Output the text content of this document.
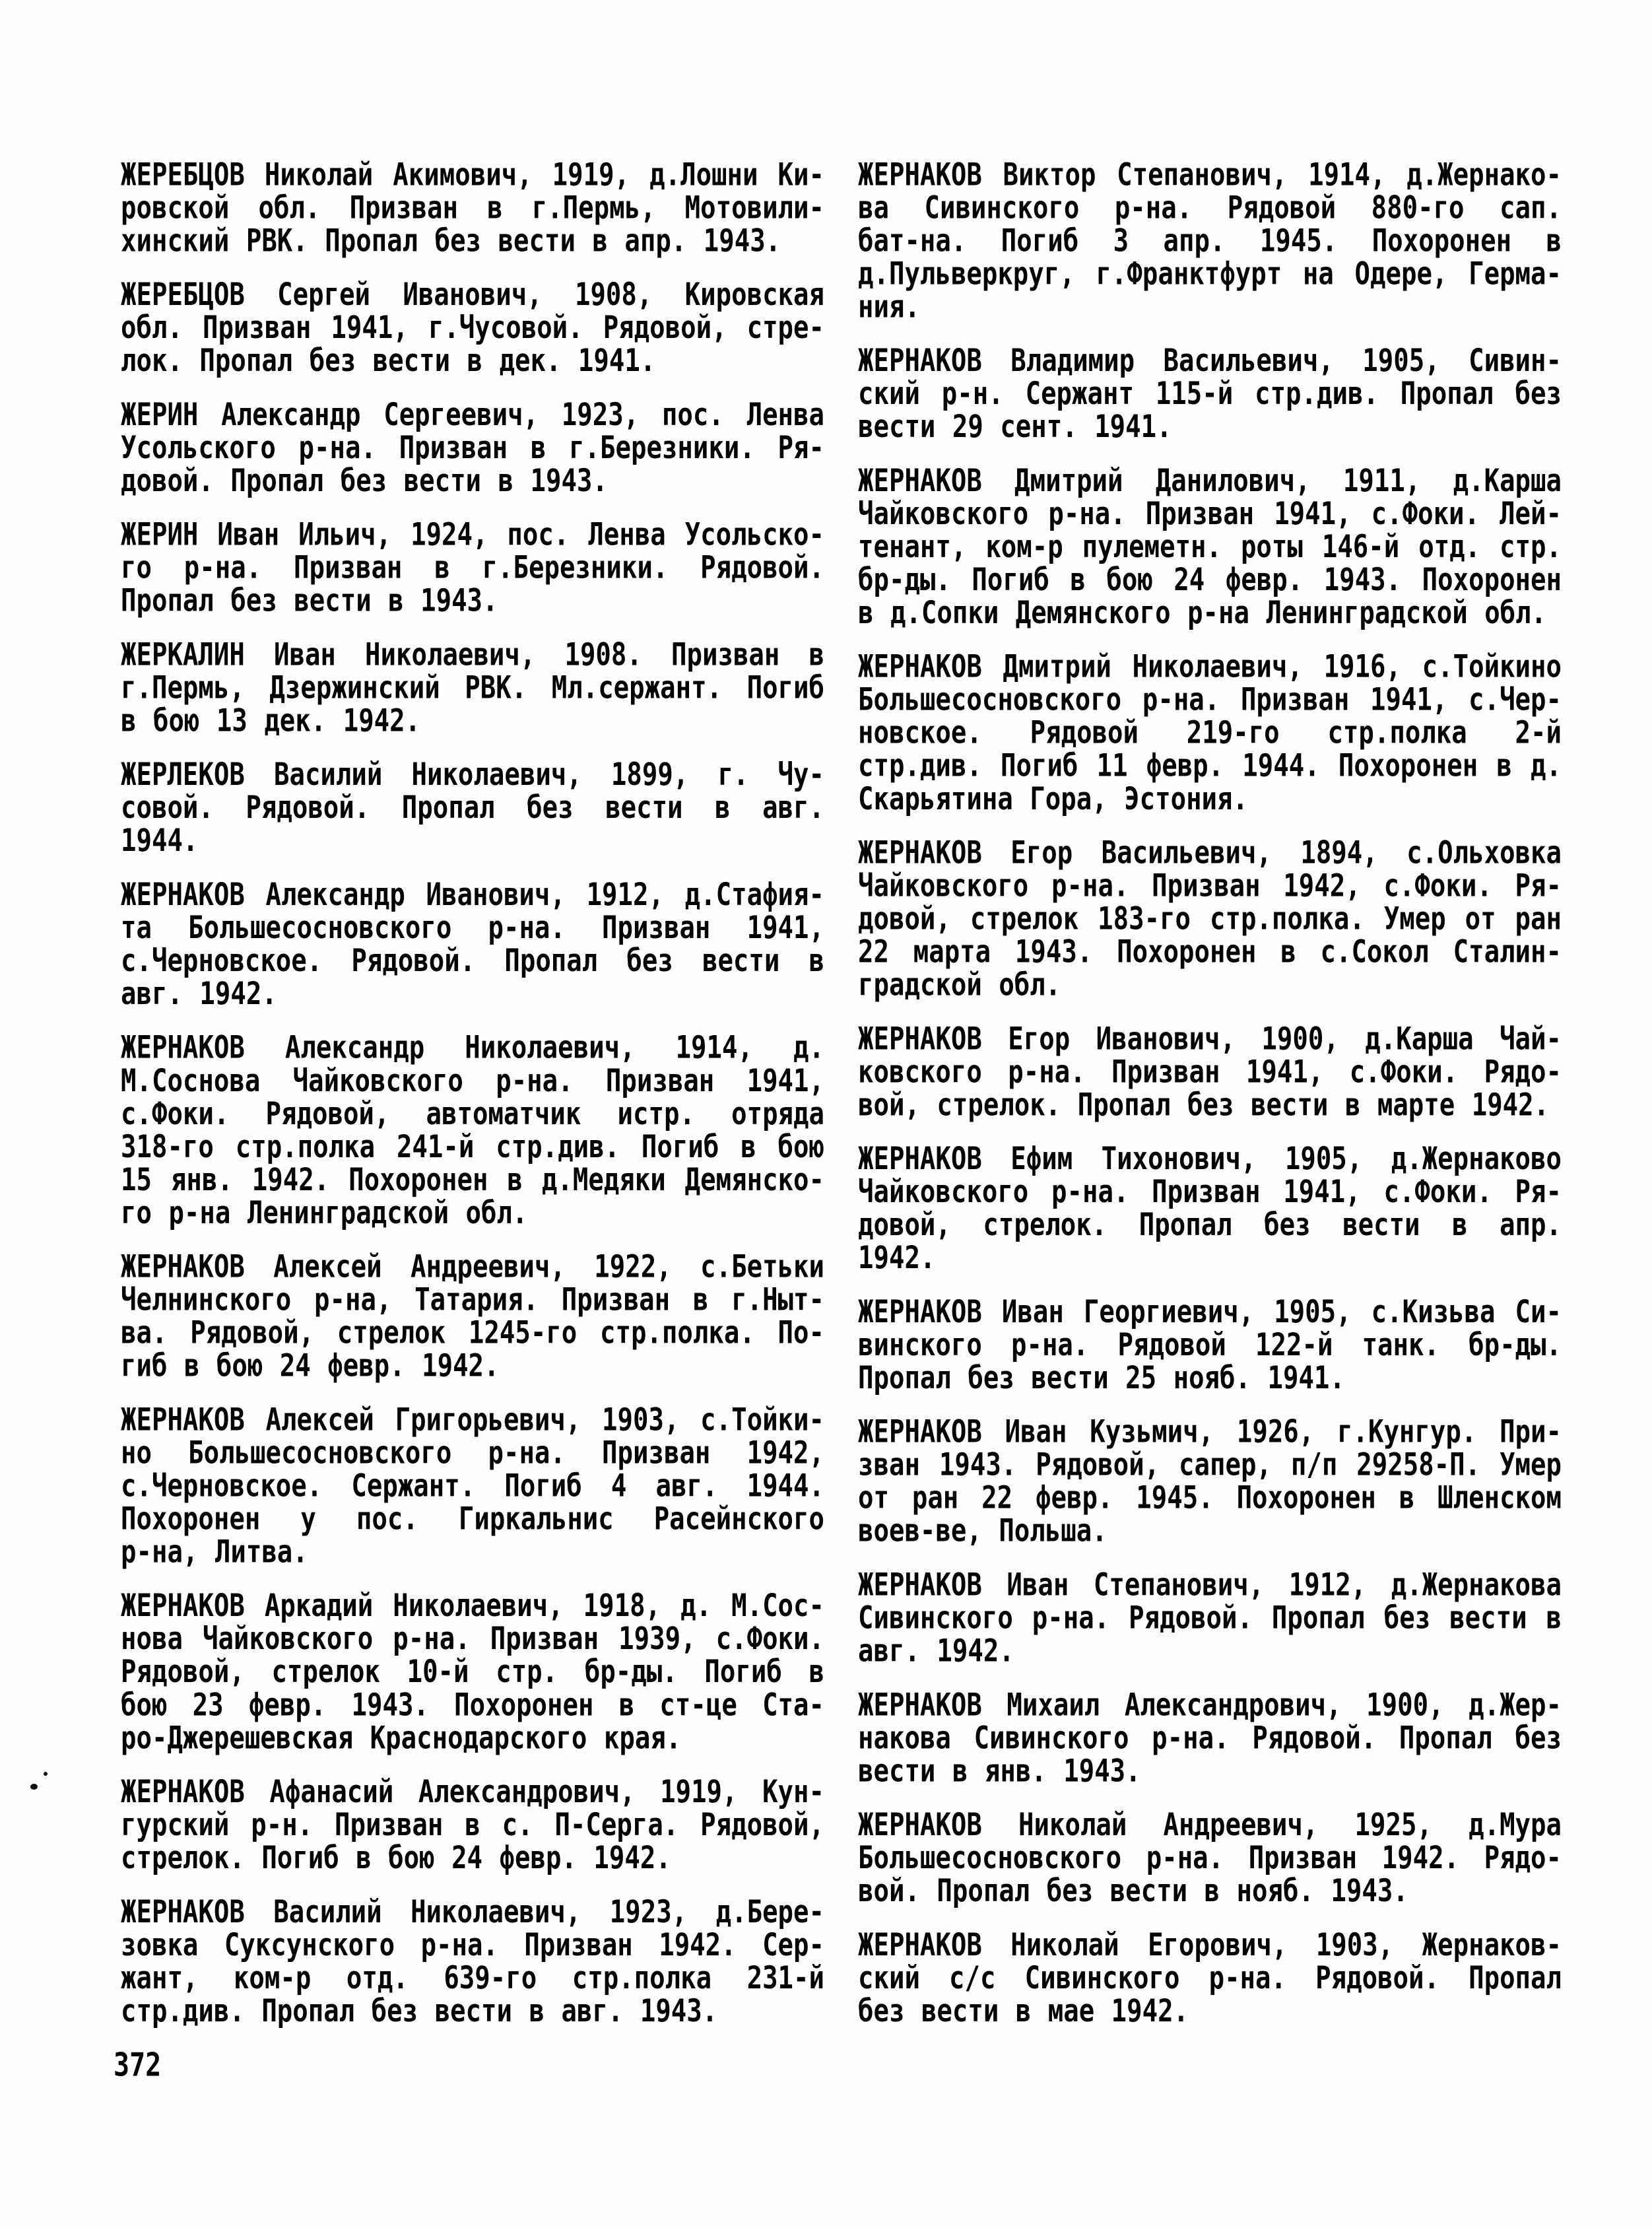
ЖЕРЕБЦОВ Николай Акимович, 1919, д.Лошни Ки-
ровской обл. Призван в г.Пермь, Мотовили-
хинский РВК. Пропал без вести в апр. 1943.
ЖЕРЕБЦОВ Сергей Иванович, 1908, Кировская
обл. Призван 1941, г.Чусовой. Рядовой, стре-
лок. Пропал без вести в дек. 1941.
ЖЕРИН Александр Сергеевич, 1923, пос. Ленва
Усольского р-на. Призван в г.Березники. Ря-
довой. Пропал без вести в 1943.
ЖЕРИН Иван Ильич, 1924, пос. Ленва Усольско-
го р-на. Призван в г.Березники. Рядовой.
Пропал без вести в 1943.
ЖЕРКАЛИН Иван Николаевич, 1908. Призван в
г.Пермь, Дзержинский РВК. Мл.сержант. Погиб
в бою 13 дек. 1942.
ЖЕРЛЕКОВ Василий Николаевич, 1899, г. Чу-
совой. Рядовой. Пропал без вести в авг.
1944.
ЖЕРНАКОВ Александр Иванович, 1912, д.Стафия-
та Большесосновского р-на. Призван 1941,
с.Черновское. Рядовой. Пропал без вести в
авг. 1942.
ЖЕРНАКОВ Александр Николаевич, 1914, д.
М.Соснова Чайковского р-на. Призван 1941,
с.Фоки. Рядовой, автоматчик истр. отряда
318-го стр.полка 241-й стр.див. Погиб в бою
15 янв. 1942. Похоронен в д.Медяки Демянско-
го р-на Ленинградской обл.
ЖЕРНАКОВ Алексей Андреевич, 1922, с.Бетьки
Челнинского р-на, Татария. Призван в г.Ныт-
ва. Рядовой, стрелок 1245-го стр.полка. По-
гиб в бою 24 февр. 1942.
ЖЕРНАКОВ Алексей Григорьевич, 1903, с.Тойки-
но Большесосновского р-на. Призван 1942,
с.Черновское. Сержант. Погиб 4 авг. 1944.
Похоронен у пос. Гиркальнис Расейнского
р-на, Литва.
ЖЕРНАКОВ Аркадий Николаевич, 1918, д. М.Сос-
нова Чайковского р-на. Призван 1939, с.Фоки.
Рядовой, стрелок 10-й стр. бр-ды. Погиб в
бою 23 февр. 1943. Похоронен в ст-це Ста-
ро-Джерешевская Краснодарского края.
ЖЕРНАКОВ Афанасий Александрович, 1919, Кун-
гурский р-н. Призван в с. П-Серга. Рядовой,
стрелок. Погиб в бою 24 февр. 1942.
ЖЕРНАКОВ Василий Николаевич, 1923, д.Бере-
зовка Суксунского р-на. Призван 1942. Сер-
жант, ком-р отд. 639-го стр.полка 231-й
стр.див. Пропал без вести в авг. 1943.
ЖЕРНАКОВ Виктор Степанович, 1914, д.Жернако-
ва Сивинского р-на. Рядовой 880-го сап.
бат-на. Погиб 3 апр. 1945. Похоронен в
д.Пульверкруг, г.Франктфурт на Одере, Герма-
ния.
ЖЕРНАКОВ Владимир Васильевич, 1905, Сивин-
ский р-н. Сержант 115-й стр.див. Пропал без
вести 29 сент. 1941.
ЖЕРНАКОВ Дмитрий Данилович, 1911, д.Карша
Чайковского р-на. Призван 1941, с.Фоки. Лей-
тенант, ком-р пулеметн. роты 146-й отд. стр.
бр-ды. Погиб в бою 24 февр. 1943. Похоронен
в д.Сопки Демянского р-на Ленинградской обл.
ЖЕРНАКОВ Дмитрий Николаевич, 1916, с.Тойкино
Большесосновского р-на. Призван 1941, с.Чер-
новское. Рядовой 219-го стр.полка 2-й
стр.див. Погиб 11 февр. 1944. Похоронен в д.
Скарьятина Гора, Эстония.
ЖЕРНАКОВ Егор Васильевич, 1894, с.Ольховка
Чайковского р-на. Призван 1942, с.Фоки. Ря-
довой, стрелок 183-го стр.полка. Умер от ран
22 марта 1943. Похоронен в с.Сокол Сталин-
градской обл.
ЖЕРНАКОВ Егор Иванович, 1900, д.Карша Чай-
ковского р-на. Призван 1941, с.Фоки. Рядо-
вой, стрелок. Пропал без вести в марте 1942.
ЖЕРНАКОВ Ефим Тихонович, 1905, д.Жернаково
Чайковского р-на. Призван 1941, с.Фоки. Ря-
довой, стрелок. Пропал без вести в апр.
1942.
ЖЕРНАКОВ Иван Георгиевич, 1905, с.Кизьва Си-
винского р-на. Рядовой 122-й танк. бр-ды.
Пропал без вести 25 нояб. 1941.
ЖЕРНАКОВ Иван Кузьмич, 1926, г.Кунгур. При-
зван 1943. Рядовой, сапер, п/п 29258-П. Умер
от ран 22 февр. 1945. Похоронен в Шленском
воев-ве, Польша.
ЖЕРНАКОВ Иван Степанович, 1912, д.Жернакова
Сивинского р-на. Рядовой. Пропал без вести в
авг. 1942.
ЖЕРНАКОВ Михаил Александрович, 1900, д.Жер-
накова Сивинского р-на. Рядовой. Пропал без
вести в янв. 1943.
ЖЕРНАКОВ Николай Андреевич, 1925, д.Мура
Большесосновского р-на. Призван 1942. Рядо-
вой. Пропал без вести в нояб. 1943.
ЖЕРНАКОВ Николай Егорович, 1903, Жернаков-
ский с/с Сивинского р-на. Рядовой. Пропал
без вести в мае 1942.
372
